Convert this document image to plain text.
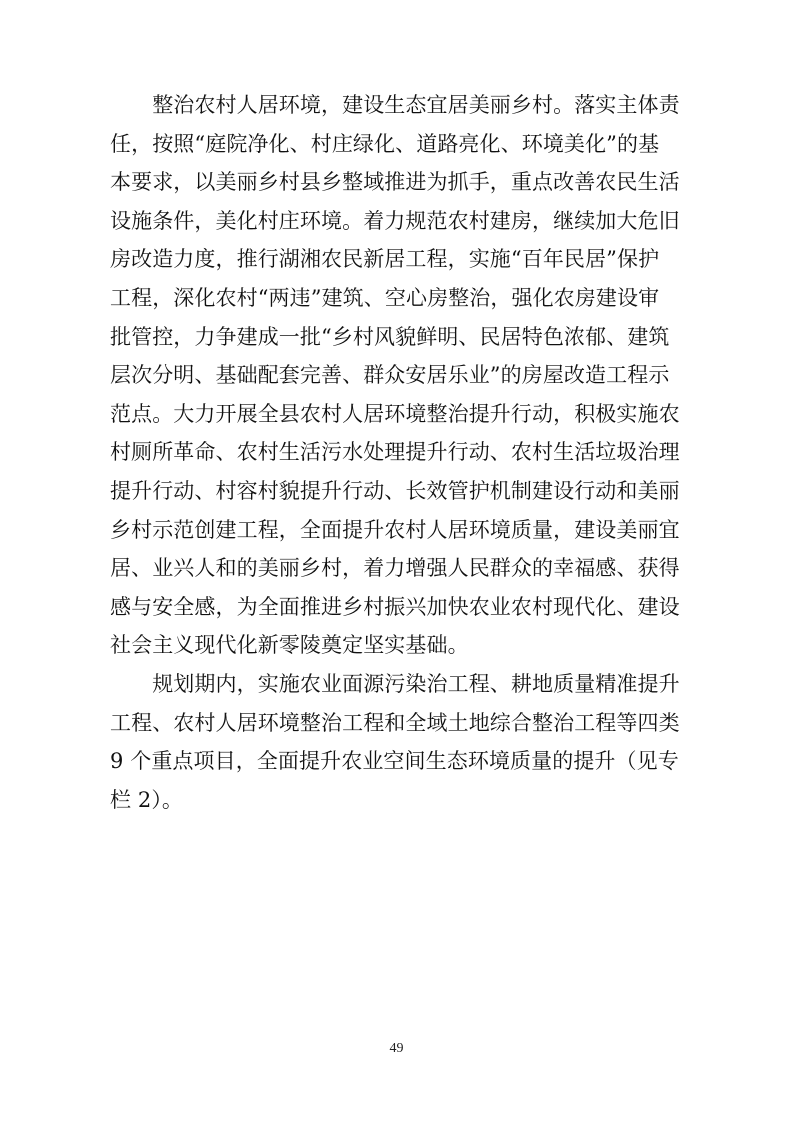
　　整治农村人居环境，建设生态宜居美丽乡村。落实主体责
任，按照“庭院净化、村庄绿化、道路亮化、环境美化”的基
本要求，以美丽乡村县乡整域推进为抓手，重点改善农民生活
设施条件，美化村庄环境。着力规范农村建房，继续加大危旧
房改造力度，推行湖湘农民新居工程，实施“百年民居”保护
工程，深化农村“两违”建筑、空心房整治，强化农房建设审
批管控，力争建成一批“乡村风貌鲜明、民居特色浓郁、建筑
层次分明、基础配套完善、群众安居乐业”的房屋改造工程示
范点。大力开展全县农村人居环境整治提升行动，积极实施农
村厕所革命、农村生活污水处理提升行动、农村生活垃圾治理
提升行动、村容村貌提升行动、长效管护机制建设行动和美丽
乡村示范创建工程，全面提升农村人居环境质量，建设美丽宜
居、业兴人和的美丽乡村，着力增强人民群众的幸福感、获得
感与安全感，为全面推进乡村振兴加快农业农村现代化、建设
社会主义现代化新零陵奠定坚实基础。
　　规划期内，实施农业面源污染治工程、耕地质量精准提升
工程、农村人居环境整治工程和全域土地综合整治工程等四类
9 个重点项目，全面提升农业空间生态环境质量的提升（见专
栏 2）。
49
